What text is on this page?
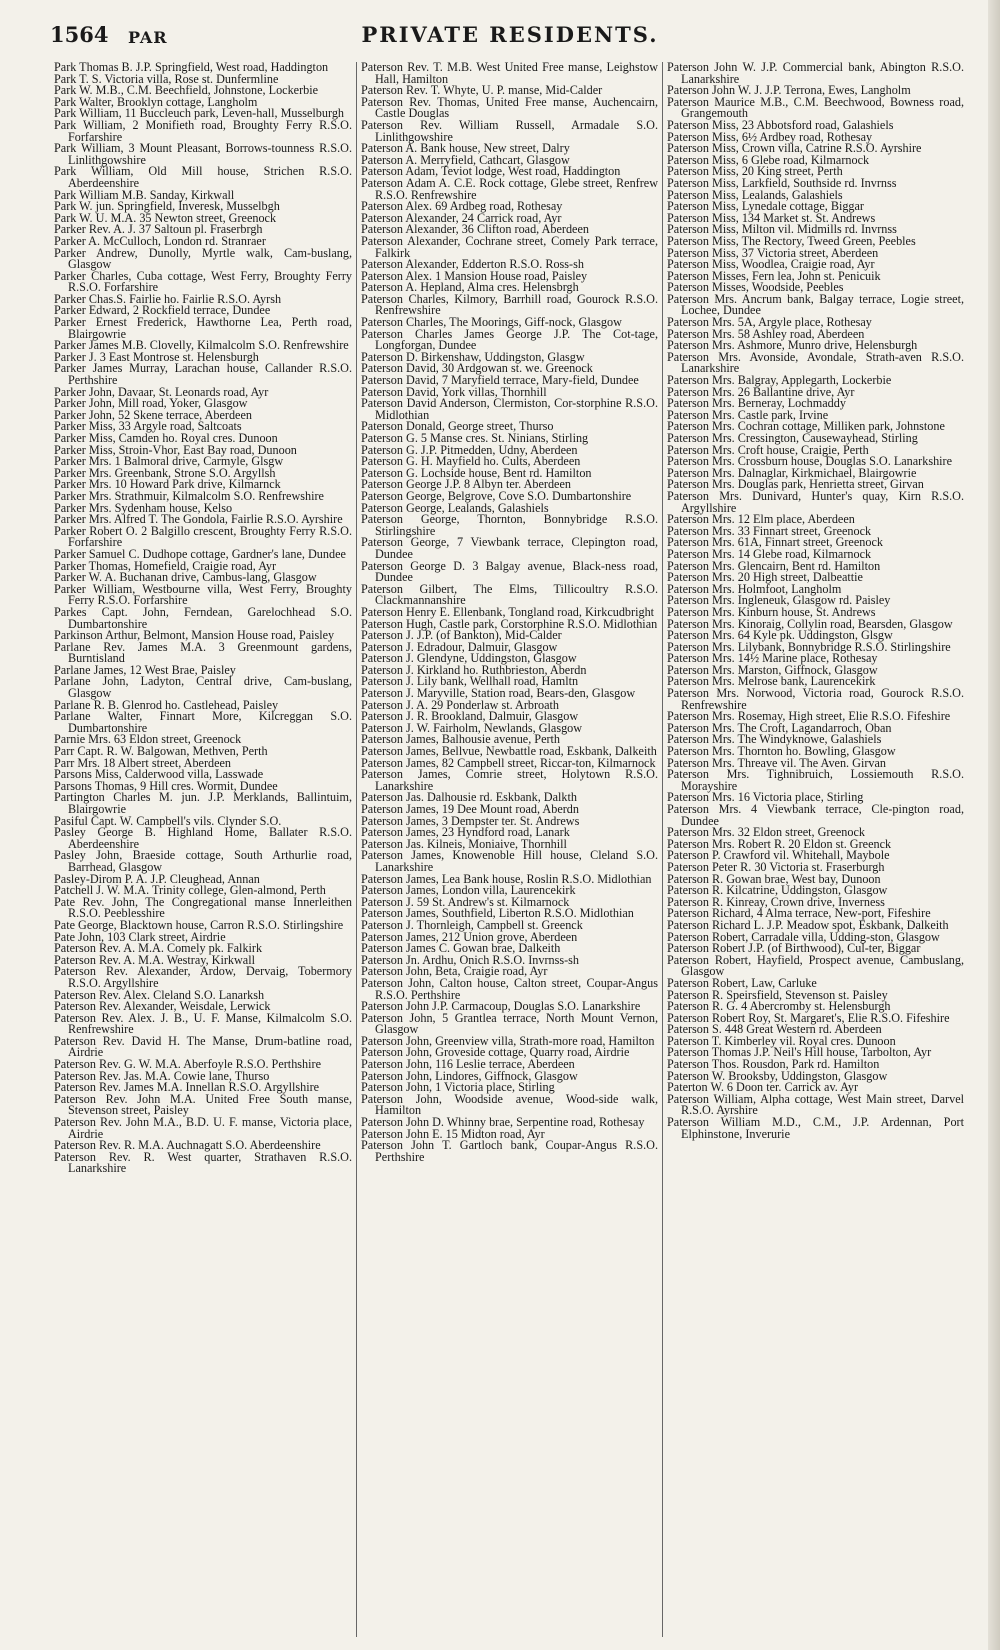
1564 PAR	PRIVATE RESIDENTS.

Park Thomas B. J.P. Springfield, West road, Haddington

Park T. S. Victoria villa, Rose st. Dunfermline

Park W. M.B., C.M. Beechfield, Johnstone, Lockerbie

Park Walter, Brooklyn cottage, Langholm

Park William, 11 Buccleuch park, Leven-hall, Musselburgh

Park William, 2 Monifieth road, Broughty Ferry R.S.O. Forfarshire

Park William, 3 Mount Pleasant, Borrows-tounness R.S.O. Linlithgowshire

Park William, Old Mill house, Strichen R.S.O. Aberdeenshire

Park William M.B. Sanday, Kirkwall

Park W. jun. Springfield, Inveresk, Musselbgh

Park W. U. M.A. 35 Newton street, Greenock

Parker Rev. A. J. 37 Saltoun pl. Fraserbrgh

Parker A. McCulloch, London rd. Stranraer

Parker Andrew, Dunolly, Myrtle walk, Cam-buslang, Glasgow

Parker Charles, Cuba cottage, West Ferry, Broughty Ferry R.S.O. Forfarshire

Parker Chas.S. Fairlie ho. Fairlie R.S.O. Ayrsh

Parker Edward, 2 Rockfield terrace, Dundee

Parker Ernest Frederick, Hawthorne Lea, Perth road, Blairgowrie

Parker James M.B. Clovelly, Kilmalcolm S.O. Renfrewshire

Parker J. 3 East Montrose st. Helensburgh

Parker James Murray, Larachan house, Callander R.S.O. Perthshire

Parker John, Davaar, St. Leonards road, Ayr

Parker John, Mill road, Yoker, Glasgow

Parker John, 52 Skene terrace, Aberdeen

Parker Miss, 33 Argyle road, Saltcoats

Parker Miss, Camden ho. Royal cres. Dunoon

Parker Miss, Stroin-Vhor, East Bay road, Dunoon

Parker Mrs. 1 Balmoral drive, Carmyle, Glsgw

Parker Mrs. Greenbank, Strone S.O. Argyllsh

Parker Mrs. 10 Howard Park drive, Kilmarnck

Parker Mrs. Strathmuir, Kilmalcolm S.O. Renfrewshire

Parker Mrs. Sydenham house, Kelso

Parker Mrs. Alfred T. The Gondola, Fairlie R.S.O. Ayrshire

Parker Robert O. 2 Balgillo crescent, Broughty Ferry R.S.O. Forfarshire

Parker Samuel C. Dudhope cottage, Gardner's lane, Dundee

Parker Thomas, Homefield, Craigie road, Ayr

Parker W. A. Buchanan drive, Cambus-lang, Glasgow

Parker William, Westbourne villa, West Ferry, Broughty Ferry R.S.O. Forfarshire

Parkes Capt. John, Ferndean, Garelochhead S.O. Dumbartonshire

Parkinson Arthur, Belmont, Mansion House road, Paisley

Parlane Rev. James M.A. 3 Greenmount gardens, Burntisland

Parlane James, 12 West Brae, Paisley

Parlane John, Ladyton, Central drive, Cam-buslang, Glasgow

Parlane R. B. Glenrod ho. Castlehead, Paisley

Parlane Walter, Finnart More, Kilcreggan S.O. Dumbartonshire

Parnie Mrs. 63 Eldon street, Greenock

Parr Capt. R. W. Balgowan, Methven, Perth

Parr Mrs. 18 Albert street, Aberdeen

Parsons Miss, Calderwood villa, Lasswade

Parsons Thomas, 9 Hill cres. Wormit, Dundee

Partington Charles M. jun. J.P. Merklands, Ballintuim, Blairgowrie

Pasiful Capt. W. Campbell's vils. Clynder S.O.

Pasley George B. Highland Home, Ballater R.S.O. Aberdeenshire

Pasley John, Braeside cottage, South Arthurlie road, Barrhead, Glasgow

Pasley-Dirom P. A. J.P. Cleughead, Annan

Patchell J. W. M.A. Trinity college, Glen-almond, Perth

Pate Rev. John, The Congregational manse Innerleithen R.S.O. Peeblesshire

Pate George, Blacktown house, Carron R.S.O. Stirlingshire

Pate John, 103 Clark street, Airdrie

Paterson Rev. A. M.A. Comely pk. Falkirk

Paterson Rev. A. M.A. Westray, Kirkwall

Paterson Rev. Alexander, Ardow, Dervaig, Tobermory R.S.O. Argyllshire

Paterson Rev. Alex. Cleland S.O. Lanarksh

Paterson Rev. Alexander, Weisdale, Lerwick

Paterson Rev. Alex. J. B., U. F. Manse, Kilmalcolm S.O. Renfrewshire

Paterson Rev. David H. The Manse, Drum-batline road, Airdrie

Paterson Rev. G. W. M.A. Aberfoyle R.S.O. Perthshire

Paterson Rev. Jas. M.A. Cowie lane, Thurso

Paterson Rev. James M.A. Innellan R.S.O. Argyllshire

Paterson Rev. John M.A. United Free South manse, Stevenson street, Paisley

Paterson Rev. John M.A., B.D. U. F. manse, Victoria place, Airdrie

Paterson Rev. R. M.A. Auchnagatt S.O. Aberdeenshire

Paterson Rev. R. West quarter, Strathaven R.S.O. Lanarkshire

Paterson Rev. T. M.B. West United Free manse, Leighstow Hall, Hamilton

Paterson Rev. T. Whyte, U. P. manse, Mid-Calder

Paterson Rev. Thomas, United Free manse, Auchencairn, Castle Douglas

Paterson Rev. William Russell, Armadale S.O. Linlithgowshire

Paterson A. Bank house, New street, Dalry

Paterson A. Merryfield, Cathcart, Glasgow

Paterson Adam, Teviot lodge, West road, Haddington

Paterson Adam A. C.E. Rock cottage, Glebe street, Renfrew R.S.O. Renfrewshire

Paterson Alex. 69 Ardbeg road, Rothesay

Paterson Alexander, 24 Carrick road, Ayr

Paterson Alexander, 36 Clifton road, Aberdeen

Paterson Alexander, Cochrane street, Comely Park terrace, Falkirk

Paterson Alexander, Edderton R.S.O. Ross-sh

Paterson Alex. 1 Mansion House road, Paisley

Paterson A. Hepland, Alma cres. Helensbrgh

Paterson Charles, Kilmory, Barrhill road, Gourock R.S.O. Renfrewshire

Paterson Charles, The Moorings, Giff-nock, Glasgow

Paterson Charles James George J.P. The Cot-tage, Longforgan, Dundee

Paterson D. Birkenshaw, Uddingston, Glasgw

Paterson David, 30 Ardgowan st. we. Greenock

Paterson David, 7 Maryfield terrace, Mary-field, Dundee

Paterson David, York villas, Thornhill

Paterson David Anderson, Clermiston, Cor-storphine R.S.O. Midlothian

Paterson Donald, George street, Thurso

Paterson G. 5 Manse cres. St. Ninians, Stirling

Paterson G. J.P. Pitmedden, Udny, Aberdeen

Paterson G. H. Mayfield ho. Cults, Aberdeen

Paterson G. Lochside house, Bent rd. Hamilton

Paterson George J.P. 8 Albyn ter. Aberdeen

Paterson George, Belgrove, Cove S.O. Dumbartonshire

Paterson George, Lealands, Galashiels

Paterson George, Thornton, Bonnybridge R.S.O. Stirlingshire

Paterson George, 7 Viewbank terrace, Clepington road, Dundee

Paterson George D. 3 Balgay avenue, Black-ness road, Dundee

Paterson Gilbert, The Elms, Tillicoultry R.S.O. Clackmannanshire

Paterson Henry E. Ellenbank, Tongland road, Kirkcudbright

Paterson Hugh, Castle park, Corstorphine R.S.O. Midlothian

Paterson J. J.P. (of Bankton), Mid-Calder

Paterson J. Edradour, Dalmuir, Glasgow

Paterson J. Glendyne, Uddingston, Glasgow

Paterson J. Kirkland ho. Ruthbrieston, Aberdn

Paterson J. Lily bank, Wellhall road, Hamltn

Paterson J. Maryville, Station road, Bears-den, Glasgow

Paterson J. A. 29 Ponderlaw st. Arbroath

Paterson J. R. Brookland, Dalmuir, Glasgow

Paterson J. W. Fairholm, Newlands, Glasgow

Paterson James, Balhousie avenue, Perth

Paterson James, Bellvue, Newbattle road, Eskbank, Dalkeith

Paterson James, 82 Campbell street, Riccar-ton, Kilmarnock

Paterson James, Comrie street, Holytown R.S.O. Lanarkshire

Paterson Jas. Dalhousie rd. Eskbank, Dalkth

Paterson James, 19 Dee Mount road, Aberdn

Paterson James, 3 Dempster ter. St. Andrews

Paterson James, 23 Hyndford road, Lanark

Paterson Jas. Kilneis, Moniaive, Thornhill

Paterson James, Knowenoble Hill house, Cleland S.O. Lanarkshire

Paterson James, Lea Bank house, Roslin R.S.O. Midlothian

Paterson James, London villa, Laurencekirk

Paterson J. 59 St. Andrew's st. Kilmarnock

Paterson James, Southfield, Liberton R.S.O. Midlothian

Paterson J. Thornleigh, Campbell st. Greenck

Paterson James, 212 Union grove, Aberdeen

Paterson James C. Gowan brae, Dalkeith

Paterson Jn. Ardhu, Onich R.S.O. Invrnss-sh

Paterson John, Beta, Craigie road, Ayr

Paterson John, Calton house, Calton street, Coupar-Angus R.S.O. Perthshire

Paterson John J.P. Carmacoup, Douglas S.O. Lanarkshire

Paterson John, 5 Grantlea terrace, North Mount Vernon, Glasgow

Paterson John, Greenview villa, Strath-more road, Hamilton

Paterson John, Groveside cottage, Quarry road, Airdrie

Paterson John, 116 Leslie terrace, Aberdeen

Paterson John, Lindores, Giffnock, Glasgow

Paterson John, 1 Victoria place, Stirling

Paterson John, Woodside avenue, Wood-side walk, Hamilton

Paterson John D. Whinny brae, Serpentine road, Rothesay

Paterson John E. 15 Midton road, Ayr

Paterson John T. Gartloch bank, Coupar-Angus R.S.O. Perthshire

Paterson John W. J.P. Commercial bank, Abington R.S.O. Lanarkshire

Paterson John W. J. J.P. Terrona, Ewes, Langholm

Paterson Maurice M.B., C.M. Beechwood, Bowness road, Grangemouth

Paterson Miss, 23 Abbotsford road, Galashiels

Paterson Miss, 6½ Ardbey road, Rothesay

Paterson Miss, Crown villa, Catrine R.S.O. Ayrshire

Paterson Miss, 6 Glebe road, Kilmarnock

Paterson Miss, 20 King street, Perth

Paterson Miss, Larkfield, Southside rd. Invrnss

Paterson Miss, Lealands, Galashiels

Paterson Miss, Lynedale cottage, Biggar

Paterson Miss, 134 Market st. St. Andrews

Paterson Miss, Milton vil. Midmills rd. Invrnss

Paterson Miss, The Rectory, Tweed Green, Peebles

Paterson Miss, 37 Victoria street, Aberdeen

Paterson Miss, Woodlea, Craigie road, Ayr

Paterson Misses, Fern lea, John st. Penicuik

Paterson Misses, Woodside, Peebles

Paterson Mrs. Ancrum bank, Balgay terrace, Logie street, Lochee, Dundee

Paterson Mrs. 5A, Argyle place, Rothesay

Paterson Mrs. 58 Ashley road, Aberdeen

Paterson Mrs. Ashmore, Munro drive, Helensburgh

Paterson Mrs. Avonside, Avondale, Strath-aven R.S.O. Lanarkshire

Paterson Mrs. Balgray, Applegarth, Lockerbie

Paterson Mrs. 26 Ballantine drive, Ayr

Paterson Mrs. Berneray, Lochmaddy

Paterson Mrs. Castle park, Irvine

Paterson Mrs. Cochran cottage, Milliken park, Johnstone

Paterson Mrs. Cressington, Causewayhead, Stirling

Paterson Mrs. Croft house, Craigie, Perth

Paterson Mrs. Crossburn house, Douglas S.O. Lanarkshire

Paterson Mrs. Dalnaglar, Kirkmichael, Blairgowrie

Paterson Mrs. Douglas park, Henrietta street, Girvan

Paterson Mrs. Dunivard, Hunter's quay, Kirn R.S.O. Argyllshire

Paterson Mrs. 12 Elm place, Aberdeen

Paterson Mrs. 33 Finnart street, Greenock

Paterson Mrs. 61A, Finnart street, Greenock

Paterson Mrs. 14 Glebe road, Kilmarnock

Paterson Mrs. Glencairn, Bent rd. Hamilton

Paterson Mrs. 20 High street, Dalbeattie

Paterson Mrs. Holmfoot, Langholm

Paterson Mrs. Ingleneuk, Glasgow rd. Paisley

Paterson Mrs. Kinburn house, St. Andrews

Paterson Mrs. Kinoraig, Collylin road, Bearsden, Glasgow

Paterson Mrs. 64 Kyle pk. Uddingston, Glsgw

Paterson Mrs. Lilybank, Bonnybridge R.S.O. Stirlingshire

Paterson Mrs. 14½ Marine place, Rothesay

Paterson Mrs. Marston, Giffnock, Glasgow

Paterson Mrs. Melrose bank, Laurencekirk

Paterson Mrs. Norwood, Victoria road, Gourock R.S.O. Renfrewshire

Paterson Mrs. Rosemay, High street, Elie R.S.O. Fifeshire

Paterson Mrs. The Croft, Lagandarroch, Oban

Paterson Mrs. The Windyknowe, Galashiels

Paterson Mrs. Thornton ho. Bowling, Glasgow

Paterson Mrs. Threave vil. The Aven. Girvan

Paterson Mrs. Tighnibruich, Lossiemouth R.S.O. Morayshire

Paterson Mrs. 16 Victoria place, Stirling

Paterson Mrs. 4 Viewbank terrace, Cle-pington road, Dundee

Paterson Mrs. 32 Eldon street, Greenock

Paterson Mrs. Robert R. 20 Eldon st. Greenck

Paterson P. Crawford vil. Whitehall, Maybole

Paterson Peter R. 30 Victoria st. Fraserburgh

Paterson R. Gowan brae, West bay, Dunoon

Paterson R. Kilcatrine, Uddingston, Glasgow

Paterson R. Kinreay, Crown drive, Inverness

Paterson Richard, 4 Alma terrace, New-port, Fifeshire

Paterson Richard L. J.P. Meadow spot, Eskbank, Dalkeith

Paterson Robert, Carradale villa, Udding-ston, Glasgow

Paterson Robert J.P. (of Birthwood), Cul-ter, Biggar

Paterson Robert, Hayfield, Prospect avenue, Cambuslang, Glasgow

Paterson Robert, Law, Carluke

Paterson R. Speirsfield, Stevenson st. Paisley

Paterson R. G. 4 Abercromby st. Helensburgh

Paterson Robert Roy, St. Margaret's, Elie R.S.O. Fifeshire

Paterson S. 448 Great Western rd. Aberdeen

Paterson T. Kimberley vil. Royal cres. Dunoon

Paterson Thomas J.P. Neil's Hill house, Tarbolton, Ayr

Paterson Thos. Rousdon, Park rd. Hamilton

Paterson W. Brooksby, Uddingston, Glasgow

Paterton W. 6 Doon ter. Carrick av. Ayr

Paterson William, Alpha cottage, West Main street, Darvel R.S.O. Ayrshire

Paterson William M.D., C.M., J.P. Ardennan, Port Elphinstone, Inverurie
